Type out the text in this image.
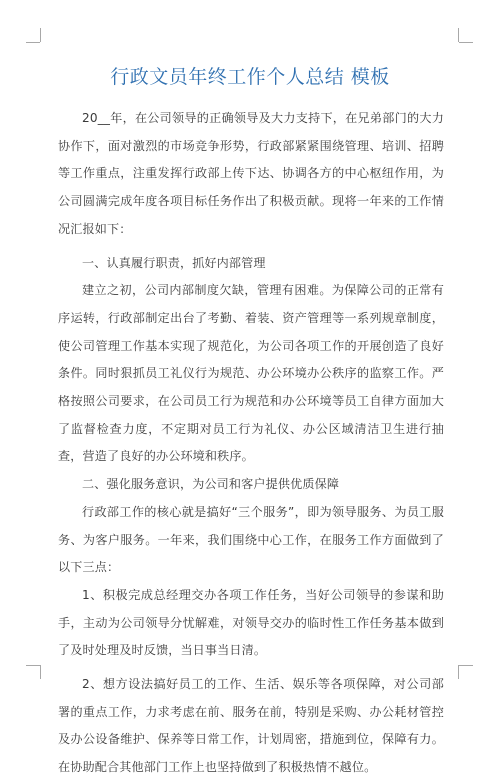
行政文员年终工作个人总结 模板

20__年，在公司领导的正确领导及大力支持下，在兄弟部门的大力协作下，面对激烈的市场竞争形势，行政部紧紧围绕管理、培训、招聘等工作重点，注重发挥行政部上传下达、协调各方的中心枢纽作用，为公司圆满完成年度各项目标任务作出了积极贡献。现将一年来的工作情况汇报如下：

一、认真履行职责，抓好内部管理

建立之初，公司内部制度欠缺，管理有困难。为保障公司的正常有序运转，行政部制定出台了考勤、着装、资产管理等一系列规章制度，使公司管理工作基本实现了规范化，为公司各项工作的开展创造了良好条件。同时狠抓员工礼仪行为规范、办公环境办公秩序的监察工作。严格按照公司要求，在公司员工行为规范和办公环境等员工自律方面加大了监督检查力度，不定期对员工行为礼仪、办公区域清洁卫生进行抽查，营造了良好的办公环境和秩序。

二、强化服务意识，为公司和客户提供优质保障

行政部工作的核心就是搞好“三个服务”，即为领导服务、为员工服务、为客户服务。一年来，我们围绕中心工作，在服务工作方面做到了以下三点：

1、积极完成总经理交办各项工作任务，当好公司领导的参谋和助手，主动为公司领导分忧解难，对领导交办的临时性工作任务基本做到了及时处理及时反馈，当日事当日清。

2、想方设法搞好员工的工作、生活、娱乐等各项保障，对公司部署的重点工作，力求考虑在前、服务在前，特别是采购、办公耗材管控及办公设备维护、保养等日常工作，计划周密，措施到位，保障有力。在协助配合其他部门工作上也坚持做到了积极热情不越位。
